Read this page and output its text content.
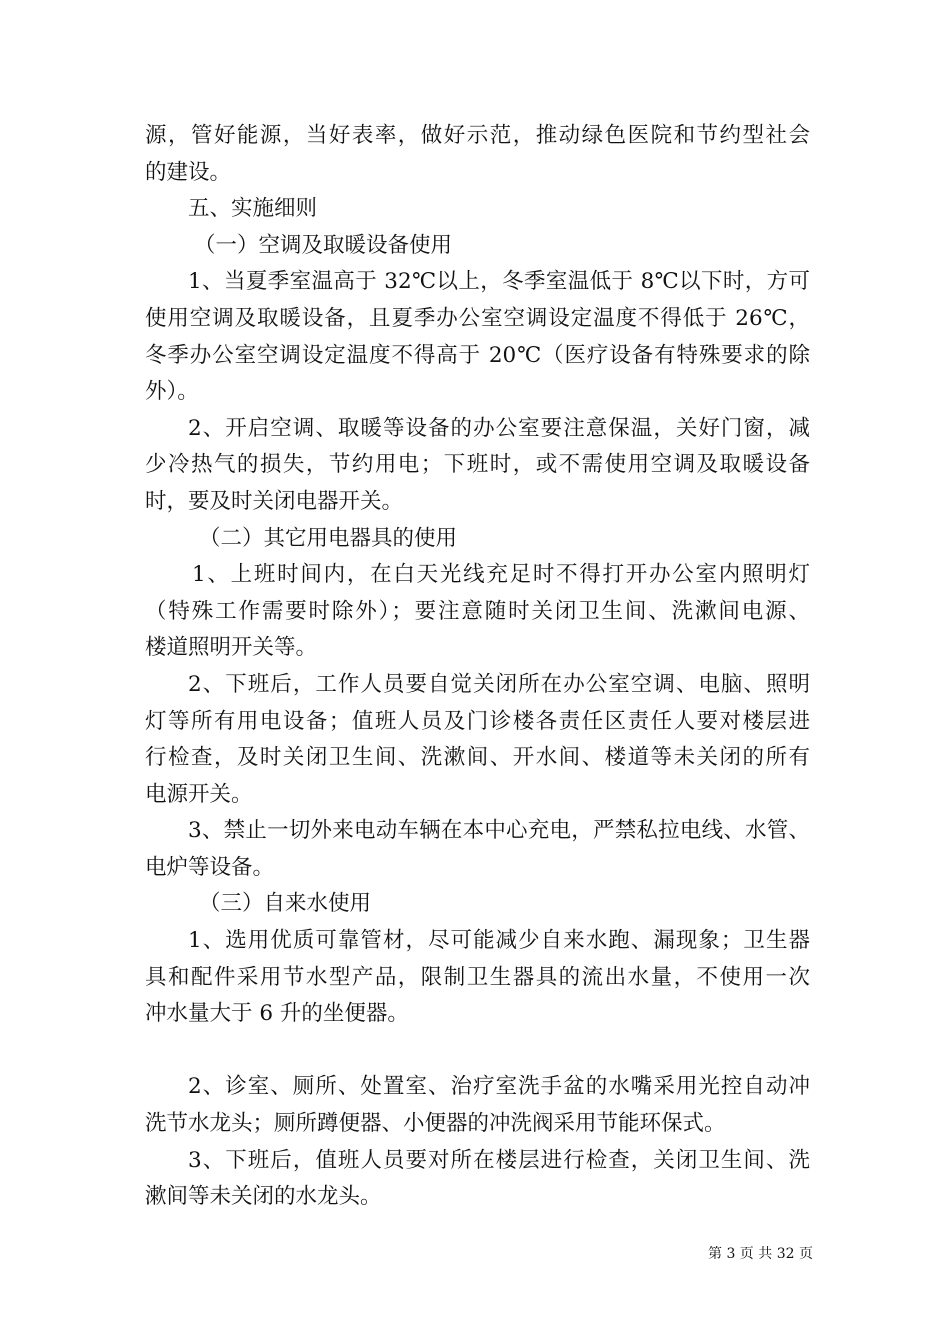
源，管好能源，当好表率，做好示范，推动绿色医院和节约型社会
的建设。
五、实施细则
（一）空调及取暖设备使用
1、当夏季室温高于 32℃以上，冬季室温低于 8℃以下时，方可
使用空调及取暖设备，且夏季办公室空调设定温度不得低于 26℃，
冬季办公室空调设定温度不得高于 20℃（医疗设备有特殊要求的除
外）。
2、开启空调、取暖等设备的办公室要注意保温，关好门窗，减
少冷热气的损失，节约用电；下班时，或不需使用空调及取暖设备
时，要及时关闭电器开关。
（二）其它用电器具的使用
1、上班时间内，在白天光线充足时不得打开办公室内照明灯
（特殊工作需要时除外）；要注意随时关闭卫生间、洗漱间电源、
楼道照明开关等。
2、下班后，工作人员要自觉关闭所在办公室空调、电脑、照明
灯等所有用电设备；值班人员及门诊楼各责任区责任人要对楼层进
行检查，及时关闭卫生间、洗漱间、开水间、楼道等未关闭的所有
电源开关。
3、禁止一切外来电动车辆在本中心充电，严禁私拉电线、水管、
电炉等设备。
（三）自来水使用
1、选用优质可靠管材，尽可能减少自来水跑、漏现象；卫生器
具和配件采用节水型产品，限制卫生器具的流出水量，不使用一次
冲水量大于 6 升的坐便器。
2、诊室、厕所、处置室、治疗室洗手盆的水嘴采用光控自动冲
洗节水龙头；厕所蹲便器、小便器的冲洗阀采用节能环保式。
3、下班后，值班人员要对所在楼层进行检查，关闭卫生间、洗
漱间等未关闭的水龙头。
第 3 页 共 32 页
